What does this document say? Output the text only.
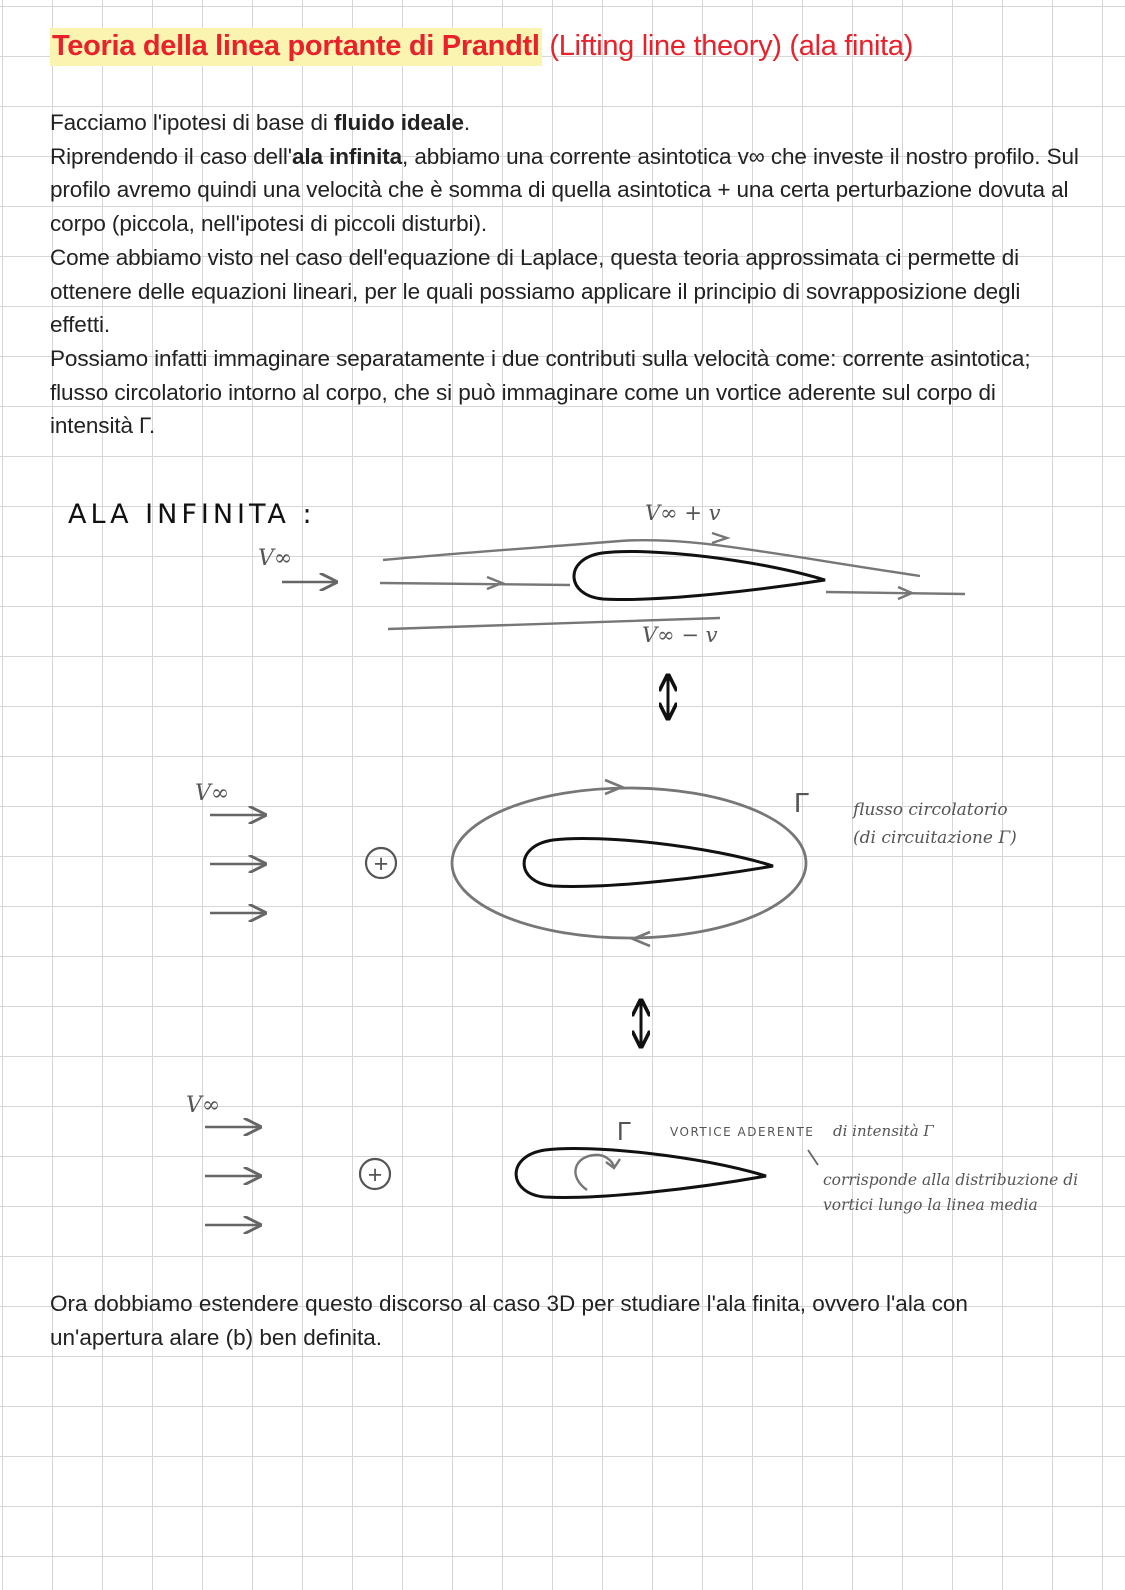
Teoria della linea portante di Prandtl (Lifting line theory) (ala finita)

Facciamo l'ipotesi di base di fluido ideale.

Riprendendo il caso dell'ala infinita, abbiamo una corrente asintotica v∞ che investe il nostro profilo. Sul profilo avremo quindi una velocità che è somma di quella asintotica + una certa perturbazione dovuta al corpo (piccola, nell'ipotesi di piccoli disturbi).

Come abbiamo visto nel caso dell'equazione di Laplace, questa teoria approssimata ci permette di ottenere delle equazioni lineari, per le quali possiamo applicare il principio di sovrapposizione degli effetti.

Possiamo infatti immaginare separatamente i due contributi sulla velocità come: corrente asintotica; flusso circolatorio intorno al corpo, che si può immaginare come un vortice aderente sul corpo di intensità Γ.

ALA INFINITA :
V∞
V∞ + v
V∞ − v
V∞
+
Γ	flusso circolatorio
(di circuitazione Γ)
V∞
+
Γ	VORTICE ADERENTE di intensità Γ
corrisponde alla distribuzione di
vortici lungo la linea media

Ora dobbiamo estendere questo discorso al caso 3D per studiare l'ala finita, ovvero l'ala con un'apertura alare (b) ben definita.
